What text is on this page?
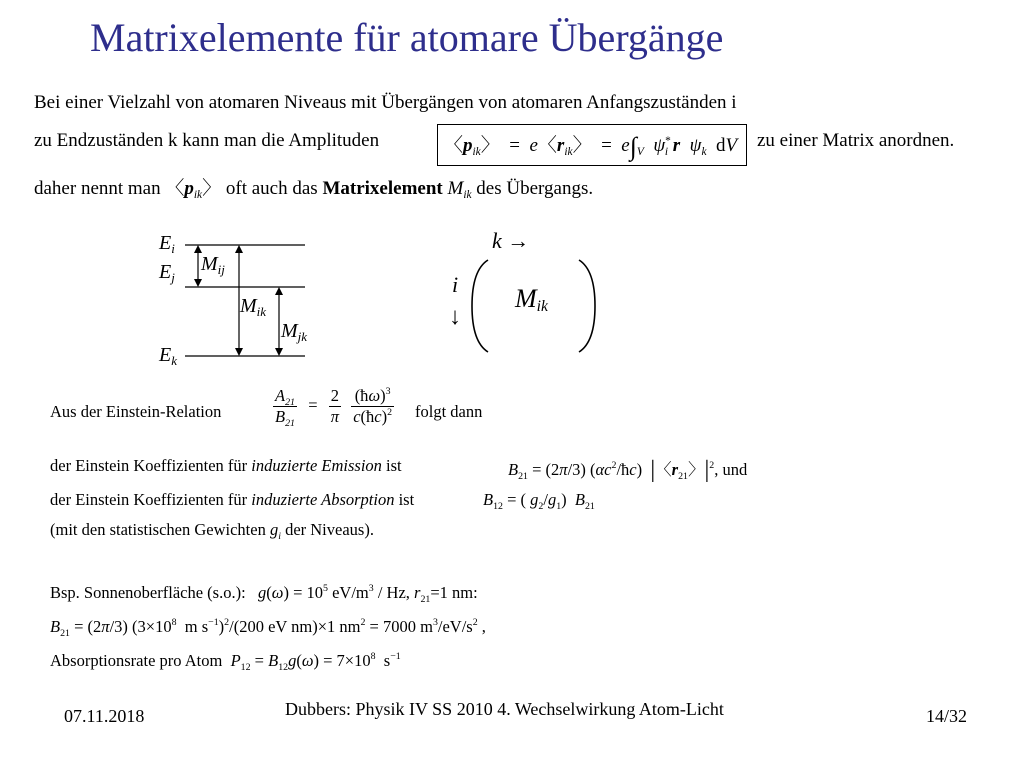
Matrixelemente für atomare Übergänge
Bei einer Vielzahl von atomaren Niveaus mit Übergängen von atomaren Anfangszuständen i
zu Endzuständen k kann man die Amplituden	〈$p_{ik}$〉  =  e〈$r_{ik}$〉  =  $e\int_V$ $\psi^*_i$ r $\psi_k$  dV zu einer Matrix anordnen.
daher nennt man 〈$p_{ik}$〉 oft auch das Matrixelement $M_{ik}$ des Übergangs.
$E_i$
$E_j$
$E_k$
$M_{ij}$
$M_{ik}$
$M_{jk}$
k →
i
↓
$M_{ik}$
Aus der Einstein-Relation	$\frac{A_{21}}{B_{21}} = \frac{2}{\pi}$
$\frac{(ħ\omega)^3}{c(ħc)^2}$ folgt dann
der Einstein Koeffizienten für induzierte Emission ist	$B_{21} = (2\pi/3)$ $(\alpha c^2/ħc)$  |〈$r_{21}$〉$|^2$, und
der Einstein Koeffizienten für induzierte Absorption ist	$B_{12}$ = ( $g_2/g_1$)  $B_{21}$
(mit den statistischen Gewichten $g_i$ der Niveaus).
Bsp. Sonnenoberfläche (s.o.): $g(\omega) = 10^5$ $eV/m^3$ / Hz, $r_{21}=1$ nm:
$B_{21} = (2\pi/3)$ ($3\times 10^8$  m $s^{-1})^2/(200$ eV nm)×1 $nm^2 = 7000$ $m^3/eV/s^2$ ,
Absorptionsrate pro Atom $P_{12} = B_{12}g(\omega) = 7\times 10^8$  $s^{-1}$
07.11.2018	Dubbers: Physik IV SS 2010 4. Wechselwirkung Atom-Licht	14/32
